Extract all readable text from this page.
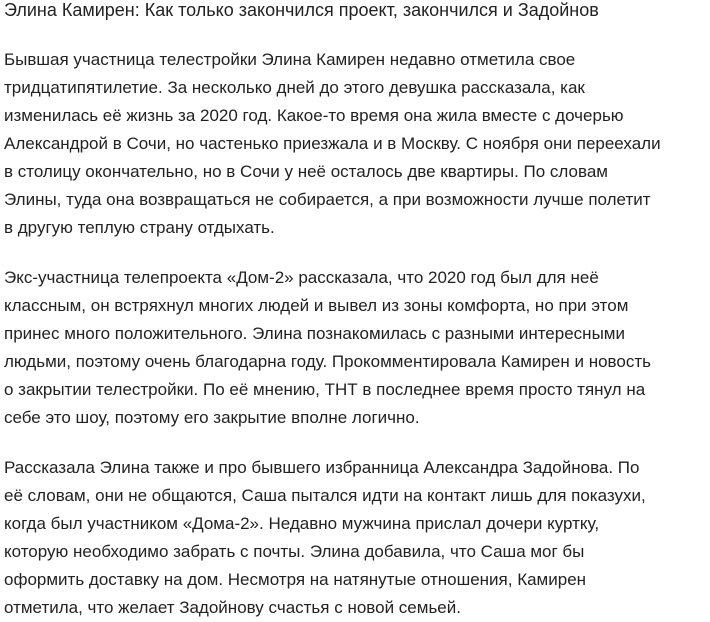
Элина Камирен: Как только закончился проект, закончился и Задойнов

Бывшая участница телестройки Элина Камирен недавно отметила свое
тридцатипятилетие. За несколько дней до этого девушка рассказала, как
изменилась её жизнь за 2020 год. Какое-то время она жила вместе с дочерью
Александрой в Сочи, но частенько приезжала и в Москву. С ноября они переехали
в столицу окончательно, но в Сочи у неё осталось две квартиры. По словам
Элины, туда она возвращаться не собирается, а при возможности лучше полетит
в другую теплую страну отдыхать.

Экс-участница телепроекта «Дом-2» рассказала, что 2020 год был для неё
классным, он встряхнул многих людей и вывел из зоны комфорта, но при этом
принес много положительного. Элина познакомилась с разными интересными
людьми, поэтому очень благодарна году. Прокомментировала Камирен и новость
о закрытии телестройки. По её мнению, ТНТ в последнее время просто тянул на
себе это шоу, поэтому его закрытие вполне логично.

Рассказала Элина также и про бывшего избранница Александра Задойнова. По
её словам, они не общаются, Саша пытался идти на контакт лишь для показухи,
когда был участником «Дома-2». Недавно мужчина прислал дочери куртку,
которую необходимо забрать с почты. Элина добавила, что Саша мог бы
оформить доставку на дом. Несмотря на натянутые отношения, Камирен
отметила, что желает Задойнову счастья с новой семьей.
